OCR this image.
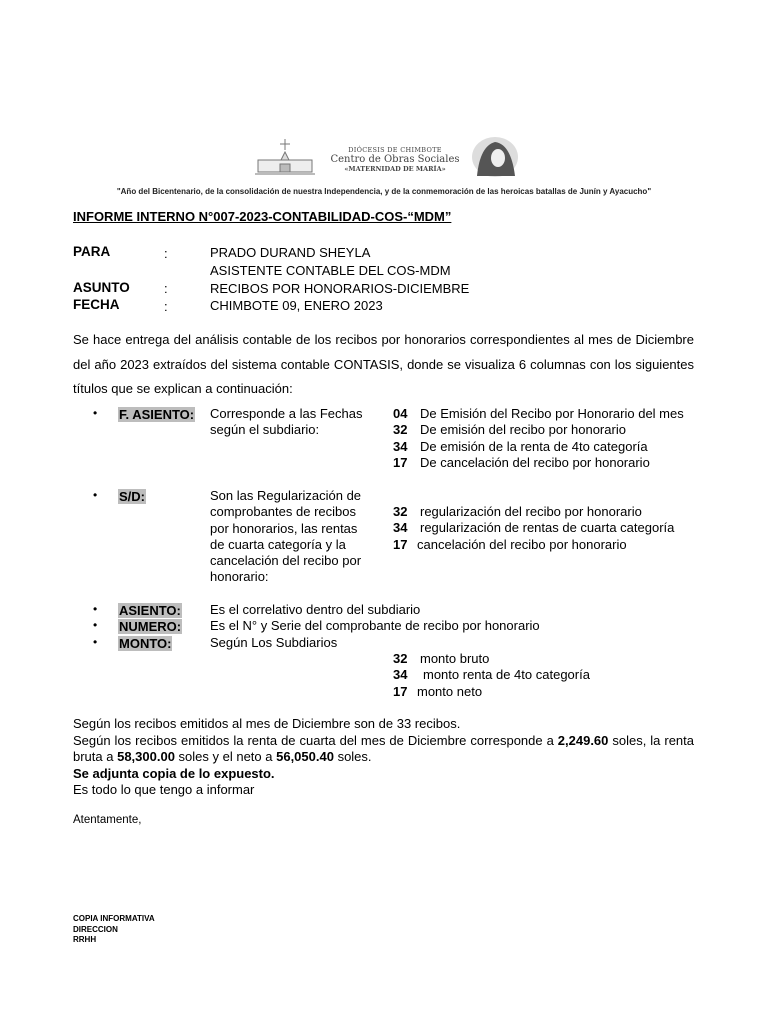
DIÓCESIS DE CHIMBOTE
Centro de Obras Sociales
«MATERNIDAD DE MARÍA»
"Año del Bicentenario, de la consolidación de nuestra Independencia, y de la conmemoración de las heroicas batallas de Junín y Ayacucho"
INFORME INTERNO N°007-2023-CONTABILIDAD-COS-“MDM”
PARA	:	PRADO DURAND SHEYLA
ASISTENTE CONTABLE DEL COS-MDM
ASUNTO	:	RECIBOS POR HONORARIOS-DICIEMBRE
FECHA	:	CHIMBOTE 09, ENERO 2023
Se hace entrega del análisis contable de los recibos por honorarios correspondientes al mes de Diciembre del año 2023 extraídos del sistema contable CONTASIS, donde se visualiza 6 columnas con los siguientes títulos que se explican a continuación:
• F. ASIENTO: Corresponde a las Fechas
según el subdiario:
04 De Emisión del Recibo por Honorario del mes
32 De emisión del recibo por honorario
34 De emisión de la renta de 4to categoría
17 De cancelación del recibo por honorario
• S/D:	Son las Regularización de
comprobantes de recibos
por honorarios, las rentas
de cuarta categoría y la
cancelación del recibo por
honorario:
32 regularización del recibo por honorario
34 regularización de rentas de cuarta categoría
17 cancelación del recibo por honorario
• ASIENTO: Es el correlativo dentro del subdiario
• NUMERO: Es el N° y Serie del comprobante de recibo por honorario
• MONTO:	Según Los Subdiarios
32 monto bruto
34 monto renta de 4to categoría
17 monto neto
Según los recibos emitidos al mes de Diciembre son de 33 recibos.
Según los recibos emitidos la renta de cuarta del mes de Diciembre corresponde a 2,249.60 soles, la renta bruta a 58,300.00 soles y el neto a 56,050.40 soles.
Se adjunta copia de lo expuesto.
Es todo lo que tengo a informar
Atentamente,
COPIA INFORMATIVA
DIRECCION
RRHH
